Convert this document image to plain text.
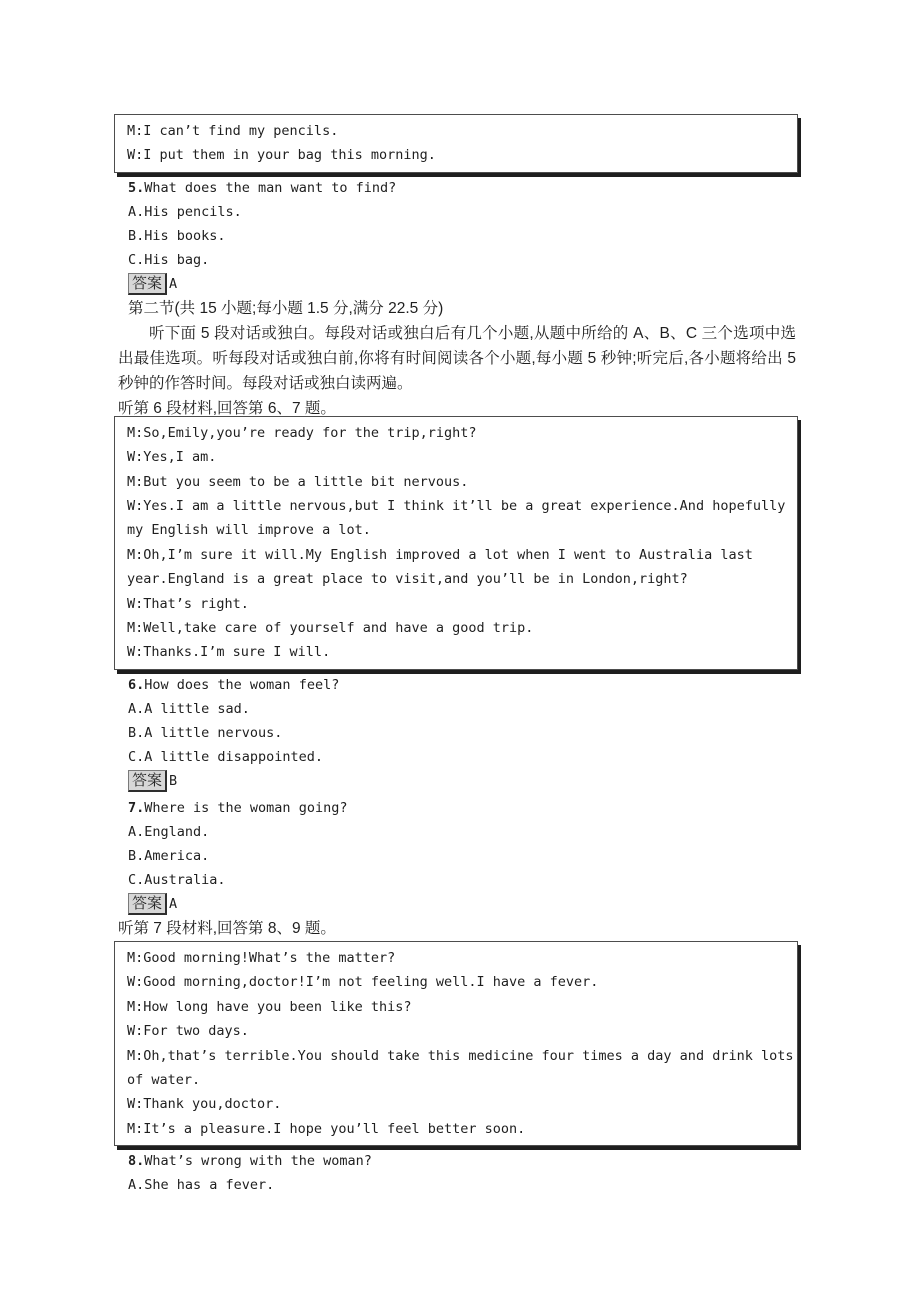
M:I can’t find my pencils.

W:I put them in your bag this morning.

5.What does the man want to find?

A.His pencils.

B.His books.

C.His bag.

答案 A

第二节(共 15 小题;每小题 1.5 分,满分 22.5 分)

听下面 5 段对话或独白。每段对话或独白后有几个小题,从题中所给的 A、B、C 三个选项中选出最佳选项。听每段对话或独白前,你将有时间阅读各个小题,每小题 5 秒钟;听完后,各小题将给出 5 秒钟的作答时间。每段对话或独白读两遍。

听第 6 段材料,回答第 6、7 题。

M:So,Emily,you’re ready for the trip,right?

W:Yes,I am.

M:But you seem to be a little bit nervous.

W:Yes.I am a little nervous,but I think it’ll be a great experience.And hopefully my English will improve a lot.

M:Oh,I’m sure it will.My English improved a lot when I went to Australia last year.England is a great place to visit,and you’ll be in London,right?

W:That’s right.

M:Well,take care of yourself and have a good trip.

W:Thanks.I’m sure I will.

6.How does the woman feel?

A.A little sad.

B.A little nervous.

C.A little disappointed.

答案 B

7.Where is the woman going?

A.England.

B.America.

C.Australia.

答案 A

听第 7 段材料,回答第 8、9 题。

M:Good morning!What’s the matter?

W:Good morning,doctor!I’m not feeling well.I have a fever.

M:How long have you been like this?

W:For two days.

M:Oh,that’s terrible.You should take this medicine four times a day and drink lots of water.

W:Thank you,doctor.

M:It’s a pleasure.I hope you’ll feel better soon.

8.What’s wrong with the woman?

A.She has a fever.
